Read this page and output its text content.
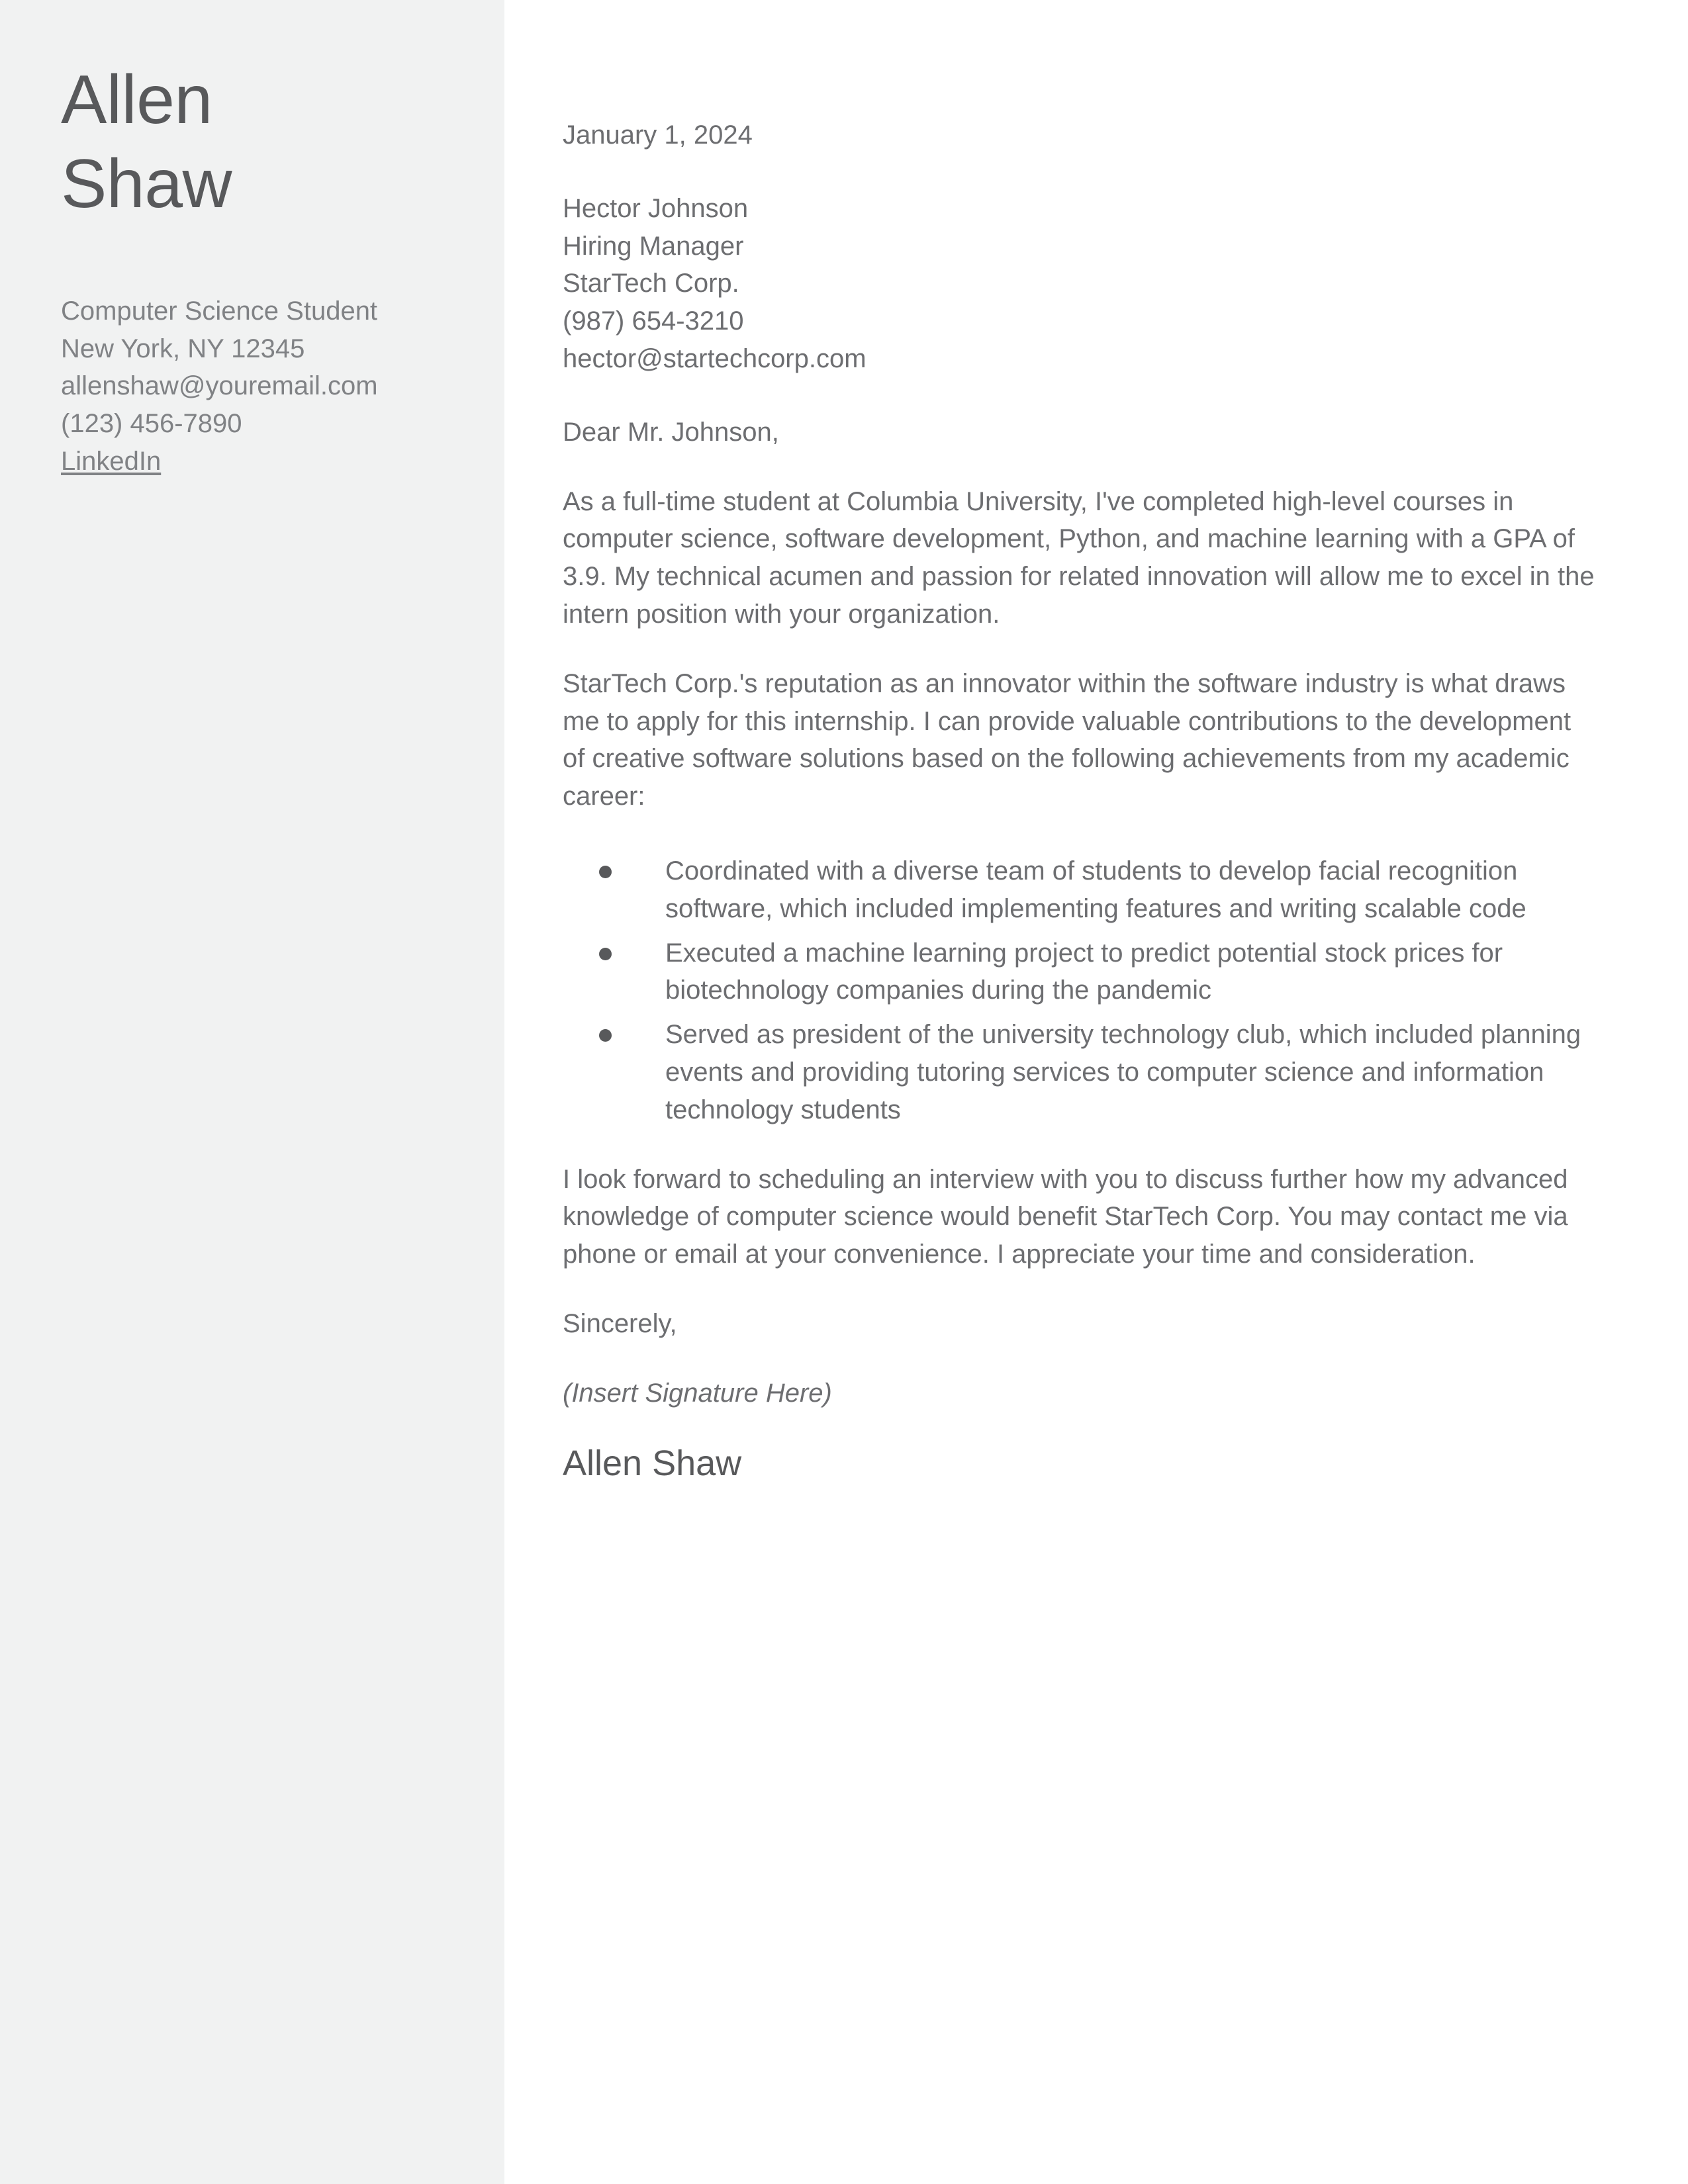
Allen
Shaw
Computer Science Student
New York, NY 12345
allenshaw@youremail.com
(123) 456-7890
LinkedIn

January 1, 2024

Hector Johnson
Hiring Manager
StarTech Corp.
(987) 654-3210
hector@startechcorp.com

Dear Mr. Johnson,

As a full-time student at Columbia University, I've completed high-level courses in computer science, software development, Python, and machine learning with a GPA of 3.9. My technical acumen and passion for related innovation will allow me to excel in the intern position with your organization.

StarTech Corp.'s reputation as an innovator within the software industry is what draws me to apply for this internship. I can provide valuable contributions to the development of creative software solutions based on the following achievements from my academic career:

Coordinated with a diverse team of students to develop facial recognition software, which included implementing features and writing scalable code
Executed a machine learning project to predict potential stock prices for biotechnology companies during the pandemic
Served as president of the university technology club, which included planning events and providing tutoring services to computer science and information technology students

I look forward to scheduling an interview with you to discuss further how my advanced knowledge of computer science would benefit StarTech Corp. You may contact me via phone or email at your convenience. I appreciate your time and consideration.

Sincerely,

(Insert Signature Here)

Allen Shaw
